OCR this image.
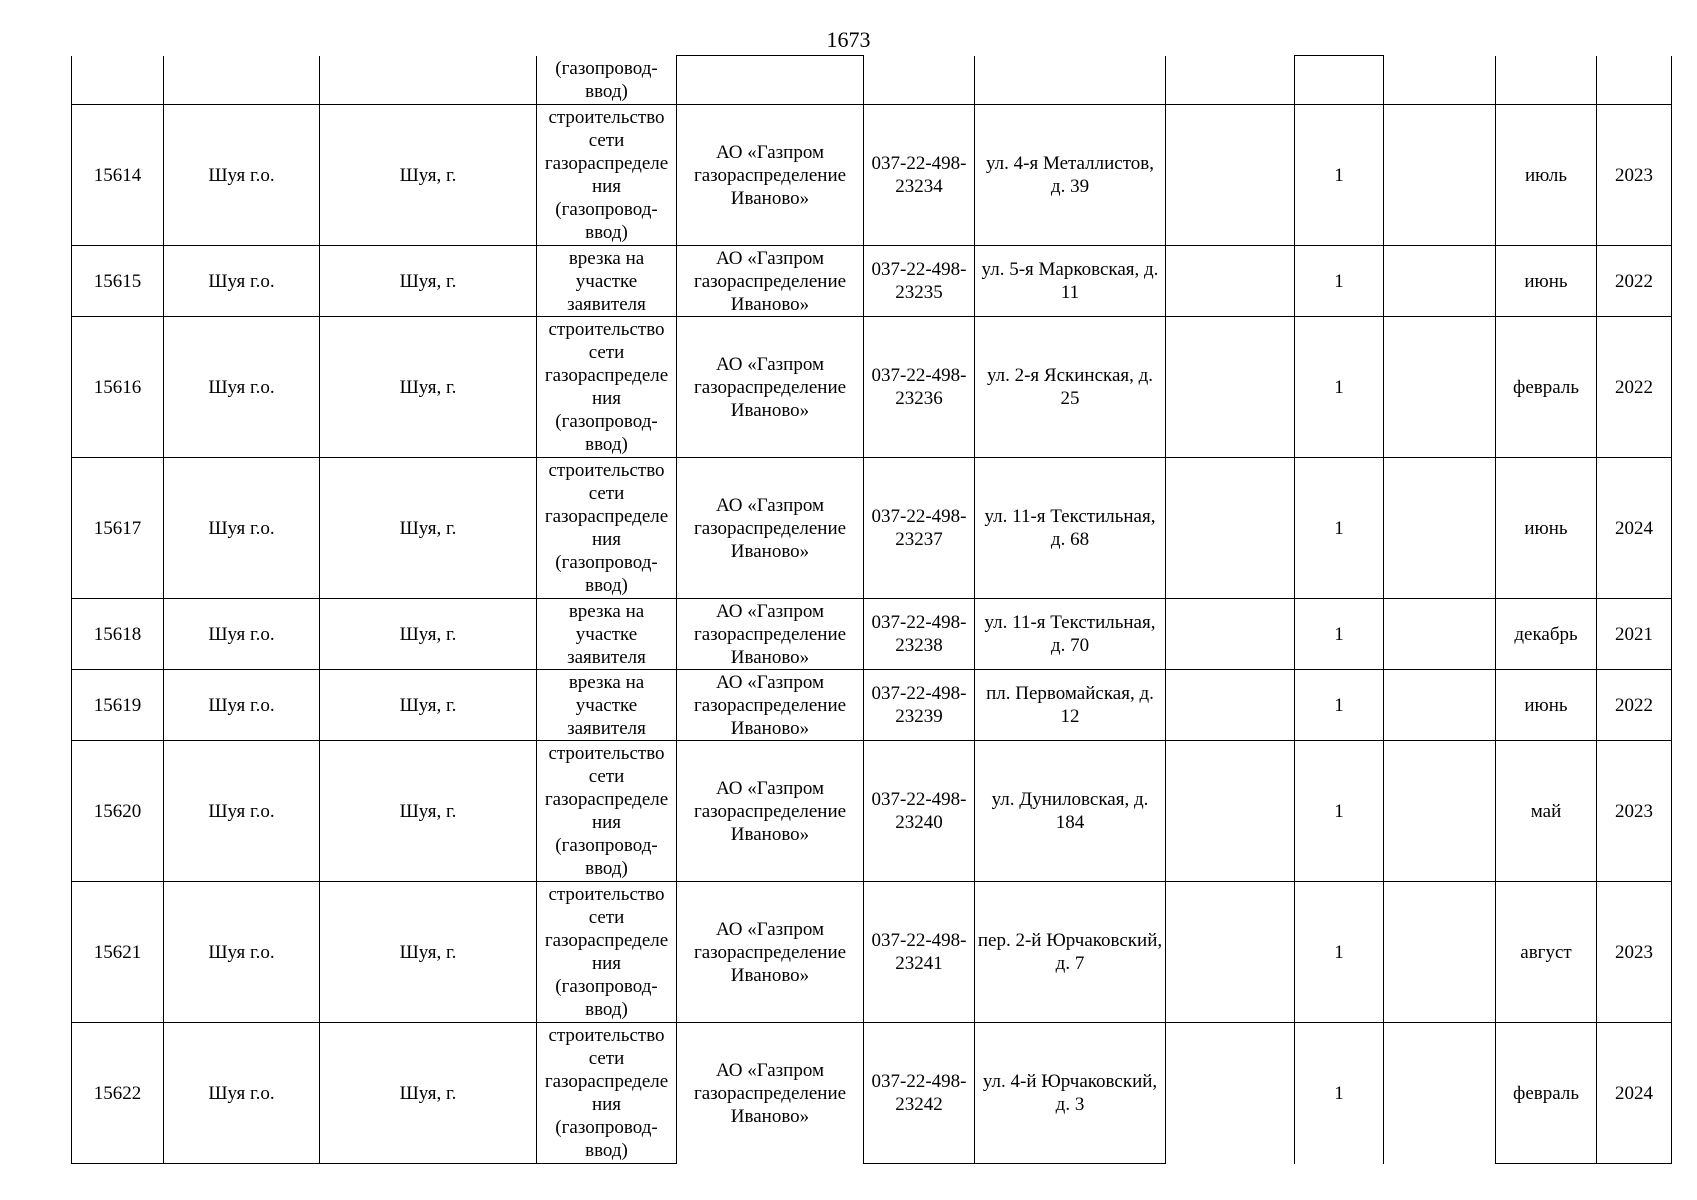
1673
			(газопровод-
ввод)								
15614	Шуя г.о.	Шуя, г.	строительство сети газораспределения (газопровод-ввод)	АО «Газпром газораспределение Иваново»	037-22-498-23234	ул. 4-я Металлистов, д. 39		1		июль	2023
15615	Шуя г.о.	Шуя, г.	врезка на участке заявителя	АО «Газпром газораспределение Иваново»	037-22-498-23235	ул. 5-я Марковская, д. 11		1		июнь	2022
15616	Шуя г.о.	Шуя, г.	строительство сети газораспределения (газопровод-ввод)	АО «Газпром газораспределение Иваново»	037-22-498-23236	ул. 2-я Яскинская, д. 25		1		февраль	2022
15617	Шуя г.о.	Шуя, г.	строительство сети газораспределения (газопровод-ввод)	АО «Газпром газораспределение Иваново»	037-22-498-23237	ул. 11-я Текстильная, д. 68		1		июнь	2024
15618	Шуя г.о.	Шуя, г.	врезка на участке заявителя	АО «Газпром газораспределение Иваново»	037-22-498-23238	ул. 11-я Текстильная, д. 70		1		декабрь	2021
15619	Шуя г.о.	Шуя, г.	врезка на участке заявителя	АО «Газпром газораспределение Иваново»	037-22-498-23239	пл. Первомайская, д. 12		1		июнь	2022
15620	Шуя г.о.	Шуя, г.	строительство сети газораспределения (газопровод-ввод)	АО «Газпром газораспределение Иваново»	037-22-498-23240	ул. Дуниловская, д. 184		1		май	2023
15621	Шуя г.о.	Шуя, г.	строительство сети газораспределения (газопровод-ввод)	АО «Газпром газораспределение Иваново»	037-22-498-23241	пер. 2-й Юрчаковский, д. 7		1		август	2023
15622	Шуя г.о.	Шуя, г.	строительство сети газораспределения (газопровод-ввод)	АО «Газпром газораспределение Иваново»	037-22-498-23242	ул. 4-й Юрчаковский, д. 3		1		февраль	2024
